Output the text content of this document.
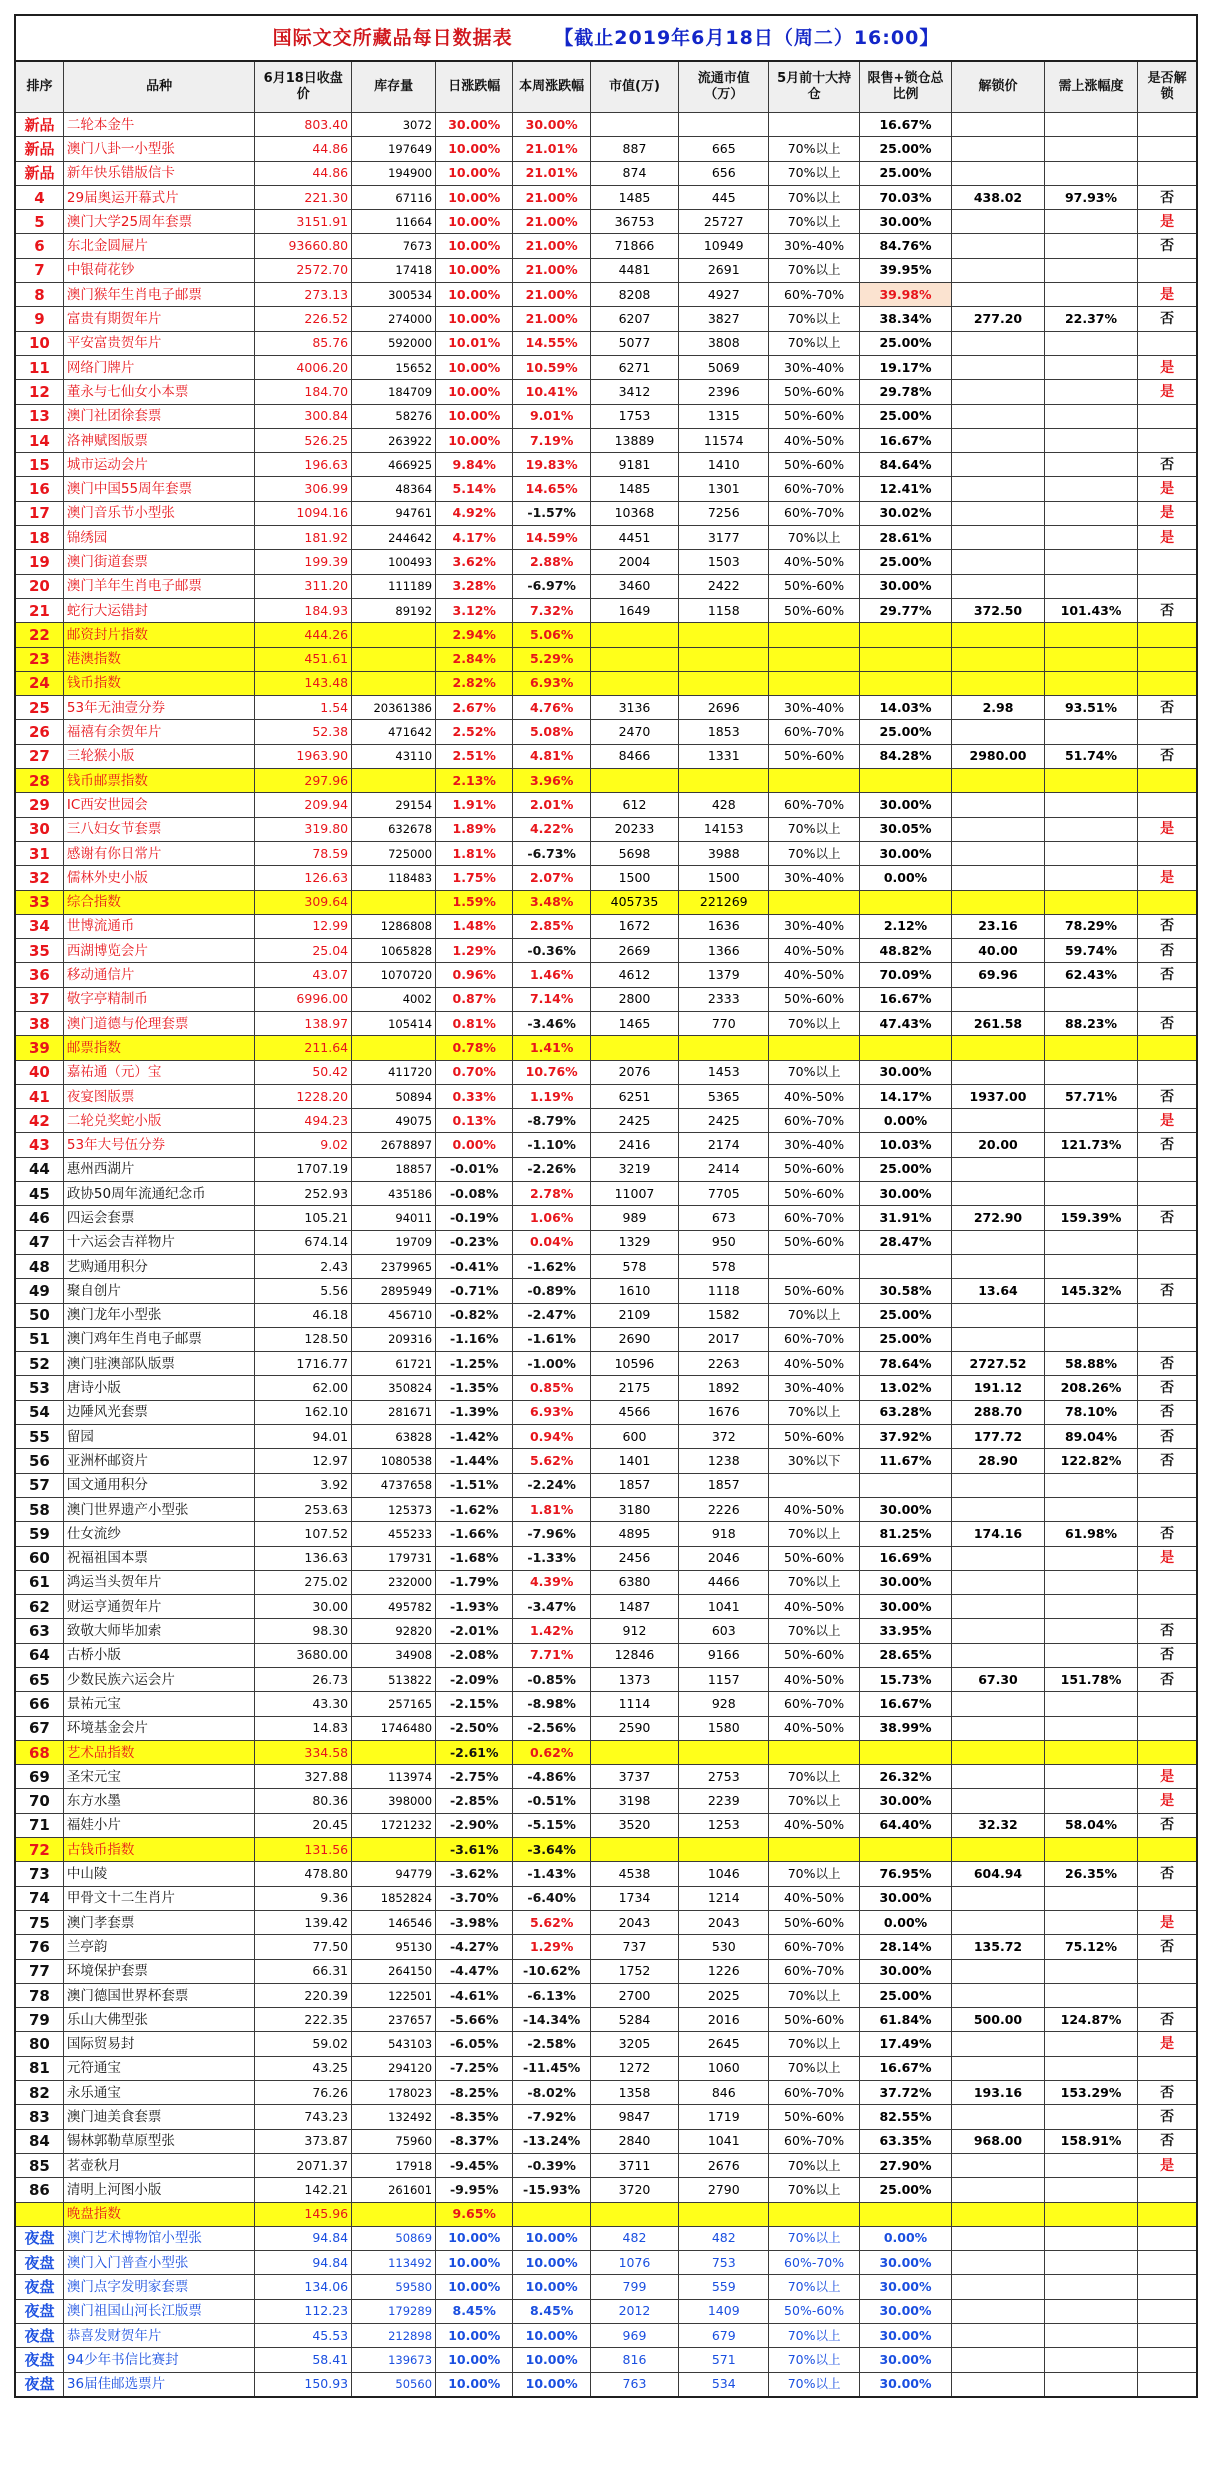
国际文交所藏品每日数据表 【截止2019年6月18日（周二）16:00】
排序	品种	6月18日收盘价	库存量	日涨跌幅	本周涨跌幅	市值(万)	流通市值（万）	5月前十大持仓	限售+锁仓总比例	解锁价	需上涨幅度	是否解锁
新品	二轮本金牛	803.40	3072	30.00%	30.00%				16.67%			
新品	澳门八卦一小型张	44.86	197649	10.00%	21.01%	887	665	70%以上	25.00%			
新品	新年快乐错版信卡	44.86	194900	10.00%	21.01%	874	656	70%以上	25.00%			
4	29届奥运开幕式片	221.30	67116	10.00%	21.00%	1485	445	70%以上	70.03%	438.02	97.93%	否
5	澳门大学25周年套票	3151.91	11664	10.00%	21.00%	36753	25727	70%以上	30.00%			是
6	东北金圆屉片	93660.80	7673	10.00%	21.00%	71866	10949	30%-40%	84.76%			否
7	中银荷花钞	2572.70	17418	10.00%	21.00%	4481	2691	70%以上	39.95%			
8	澳门猴年生肖电子邮票	273.13	300534	10.00%	21.00%	8208	4927	60%-70%	39.98%			是
9	富贵有期贺年片	226.52	274000	10.00%	21.00%	6207	3827	70%以上	38.34%	277.20	22.37%	否
10	平安富贵贺年片	85.76	592000	10.01%	14.55%	5077	3808	70%以上	25.00%			
11	网络门牌片	4006.20	15652	10.00%	10.59%	6271	5069	30%-40%	19.17%			是
12	董永与七仙女小本票	184.70	184709	10.00%	10.41%	3412	2396	50%-60%	29.78%			是
13	澳门社团徐套票	300.84	58276	10.00%	9.01%	1753	1315	50%-60%	25.00%			
14	洛神赋图版票	526.25	263922	10.00%	7.19%	13889	11574	40%-50%	16.67%			
15	城市运动会片	196.63	466925	9.84%	19.83%	9181	1410	50%-60%	84.64%			否
16	澳门中国55周年套票	306.99	48364	5.14%	14.65%	1485	1301	60%-70%	12.41%			是
17	澳门音乐节小型张	1094.16	94761	4.92%	-1.57%	10368	7256	60%-70%	30.02%			是
18	锦绣园	181.92	244642	4.17%	14.59%	4451	3177	70%以上	28.61%			是
19	澳门街道套票	199.39	100493	3.62%	2.88%	2004	1503	40%-50%	25.00%			
20	澳门羊年生肖电子邮票	311.20	111189	3.28%	-6.97%	3460	2422	50%-60%	30.00%			
21	蛇行大运错封	184.93	89192	3.12%	7.32%	1649	1158	50%-60%	29.77%	372.50	101.43%	否
22	邮资封片指数	444.26		2.94%	5.06%							
23	港澳指数	451.61		2.84%	5.29%							
24	钱币指数	143.48		2.82%	6.93%							
25	53年无油壹分券	1.54	20361386	2.67%	4.76%	3136	2696	30%-40%	14.03%	2.98	93.51%	否
26	福禧有余贺年片	52.38	471642	2.52%	5.08%	2470	1853	60%-70%	25.00%			
27	三轮猴小版	1963.90	43110	2.51%	4.81%	8466	1331	50%-60%	84.28%	2980.00	51.74%	否
28	钱币邮票指数	297.96		2.13%	3.96%							
29	IC西安世园会	209.94	29154	1.91%	2.01%	612	428	60%-70%	30.00%			
30	三八妇女节套票	319.80	632678	1.89%	4.22%	20233	14153	70%以上	30.05%			是
31	感谢有你日常片	78.59	725000	1.81%	-6.73%	5698	3988	70%以上	30.00%			
32	儒林外史小版	126.63	118483	1.75%	2.07%	1500	1500	30%-40%	0.00%			是
33	综合指数	309.64		1.59%	3.48%	405735	221269					
34	世博流通币	12.99	1286808	1.48%	2.85%	1672	1636	30%-40%	2.12%	23.16	78.29%	否
35	西湖博览会片	25.04	1065828	1.29%	-0.36%	2669	1366	40%-50%	48.82%	40.00	59.74%	否
36	移动通信片	43.07	1070720	0.96%	1.46%	4612	1379	40%-50%	70.09%	69.96	62.43%	否
37	敬字亭精制币	6996.00	4002	0.87%	7.14%	2800	2333	50%-60%	16.67%			
38	澳门道德与伦理套票	138.97	105414	0.81%	-3.46%	1465	770	70%以上	47.43%	261.58	88.23%	否
39	邮票指数	211.64		0.78%	1.41%							
40	嘉祐通（元）宝	50.42	411720	0.70%	10.76%	2076	1453	70%以上	30.00%			
41	夜宴图版票	1228.20	50894	0.33%	1.19%	6251	5365	40%-50%	14.17%	1937.00	57.71%	否
42	二轮兑奖蛇小版	494.23	49075	0.13%	-8.79%	2425	2425	60%-70%	0.00%			是
43	53年大号伍分券	9.02	2678897	0.00%	-1.10%	2416	2174	30%-40%	10.03%	20.00	121.73%	否
44	惠州西湖片	1707.19	18857	-0.01%	-2.26%	3219	2414	50%-60%	25.00%			
45	政协50周年流通纪念币	252.93	435186	-0.08%	2.78%	11007	7705	50%-60%	30.00%			
46	四运会套票	105.21	94011	-0.19%	1.06%	989	673	60%-70%	31.91%	272.90	159.39%	否
47	十六运会吉祥物片	674.14	19709	-0.23%	0.04%	1329	950	50%-60%	28.47%			
48	艺购通用积分	2.43	2379965	-0.41%	-1.62%	578	578					
49	聚自创片	5.56	2895949	-0.71%	-0.89%	1610	1118	50%-60%	30.58%	13.64	145.32%	否
50	澳门龙年小型张	46.18	456710	-0.82%	-2.47%	2109	1582	70%以上	25.00%			
51	澳门鸡年生肖电子邮票	128.50	209316	-1.16%	-1.61%	2690	2017	60%-70%	25.00%			
52	澳门驻澳部队版票	1716.77	61721	-1.25%	-1.00%	10596	2263	40%-50%	78.64%	2727.52	58.88%	否
53	唐诗小版	62.00	350824	-1.35%	0.85%	2175	1892	30%-40%	13.02%	191.12	208.26%	否
54	边陲风光套票	162.10	281671	-1.39%	6.93%	4566	1676	70%以上	63.28%	288.70	78.10%	否
55	留园	94.01	63828	-1.42%	0.94%	600	372	50%-60%	37.92%	177.72	89.04%	否
56	亚洲杯邮资片	12.97	1080538	-1.44%	5.62%	1401	1238	30%以下	11.67%	28.90	122.82%	否
57	国文通用积分	3.92	4737658	-1.51%	-2.24%	1857	1857					
58	澳门世界遗产小型张	253.63	125373	-1.62%	1.81%	3180	2226	40%-50%	30.00%			
59	仕女流纱	107.52	455233	-1.66%	-7.96%	4895	918	70%以上	81.25%	174.16	61.98%	否
60	祝福祖国本票	136.63	179731	-1.68%	-1.33%	2456	2046	50%-60%	16.69%			是
61	鸿运当头贺年片	275.02	232000	-1.79%	4.39%	6380	4466	70%以上	30.00%			
62	财运亨通贺年片	30.00	495782	-1.93%	-3.47%	1487	1041	40%-50%	30.00%			
63	致敬大师毕加索	98.30	92820	-2.01%	1.42%	912	603	70%以上	33.95%			否
64	古桥小版	3680.00	34908	-2.08%	7.71%	12846	9166	50%-60%	28.65%			否
65	少数民族六运会片	26.73	513822	-2.09%	-0.85%	1373	1157	40%-50%	15.73%	67.30	151.78%	否
66	景祐元宝	43.30	257165	-2.15%	-8.98%	1114	928	60%-70%	16.67%			
67	环境基金会片	14.83	1746480	-2.50%	-2.56%	2590	1580	40%-50%	38.99%			
68	艺术品指数	334.58		-2.61%	0.62%							
69	圣宋元宝	327.88	113974	-2.75%	-4.86%	3737	2753	70%以上	26.32%			是
70	东方水墨	80.36	398000	-2.85%	-0.51%	3198	2239	70%以上	30.00%			是
71	福娃小片	20.45	1721232	-2.90%	-5.15%	3520	1253	40%-50%	64.40%	32.32	58.04%	否
72	古钱币指数	131.56		-3.61%	-3.64%							
73	中山陵	478.80	94779	-3.62%	-1.43%	4538	1046	70%以上	76.95%	604.94	26.35%	否
74	甲骨文十二生肖片	9.36	1852824	-3.70%	-6.40%	1734	1214	40%-50%	30.00%			
75	澳门孝套票	139.42	146546	-3.98%	5.62%	2043	2043	50%-60%	0.00%			是
76	兰亭韵	77.50	95130	-4.27%	1.29%	737	530	60%-70%	28.14%	135.72	75.12%	否
77	环境保护套票	66.31	264150	-4.47%	-10.62%	1752	1226	60%-70%	30.00%			
78	澳门德国世界杯套票	220.39	122501	-4.61%	-6.13%	2700	2025	70%以上	25.00%			
79	乐山大佛型张	222.35	237657	-5.66%	-14.34%	5284	2016	50%-60%	61.84%	500.00	124.87%	否
80	国际贸易封	59.02	543103	-6.05%	-2.58%	3205	2645	70%以上	17.49%			是
81	元符通宝	43.25	294120	-7.25%	-11.45%	1272	1060	70%以上	16.67%			
82	永乐通宝	76.26	178023	-8.25%	-8.02%	1358	846	60%-70%	37.72%	193.16	153.29%	否
83	澳门迪美食套票	743.23	132492	-8.35%	-7.92%	9847	1719	50%-60%	82.55%			否
84	锡林郭勒草原型张	373.87	75960	-8.37%	-13.24%	2840	1041	60%-70%	63.35%	968.00	158.91%	否
85	茗壶秋月	2071.37	17918	-9.45%	-0.39%	3711	2676	70%以上	27.90%			是
86	清明上河图小版	142.21	261601	-9.95%	-15.93%	3720	2790	70%以上	25.00%			
	晚盘指数	145.96		9.65%								
夜盘	澳门艺术博物馆小型张	94.84	50869	10.00%	10.00%	482	482	70%以上	0.00%			
夜盘	澳门入门普查小型张	94.84	113492	10.00%	10.00%	1076	753	60%-70%	30.00%			
夜盘	澳门点字发明家套票	134.06	59580	10.00%	10.00%	799	559	70%以上	30.00%			
夜盘	澳门祖国山河长江版票	112.23	179289	8.45%	8.45%	2012	1409	50%-60%	30.00%			
夜盘	恭喜发财贺年片	45.53	212898	10.00%	10.00%	969	679	70%以上	30.00%			
夜盘	94少年书信比赛封	58.41	139673	10.00%	10.00%	816	571	70%以上	30.00%			
夜盘	36届佳邮选票片	150.93	50560	10.00%	10.00%	763	534	70%以上	30.00%			
